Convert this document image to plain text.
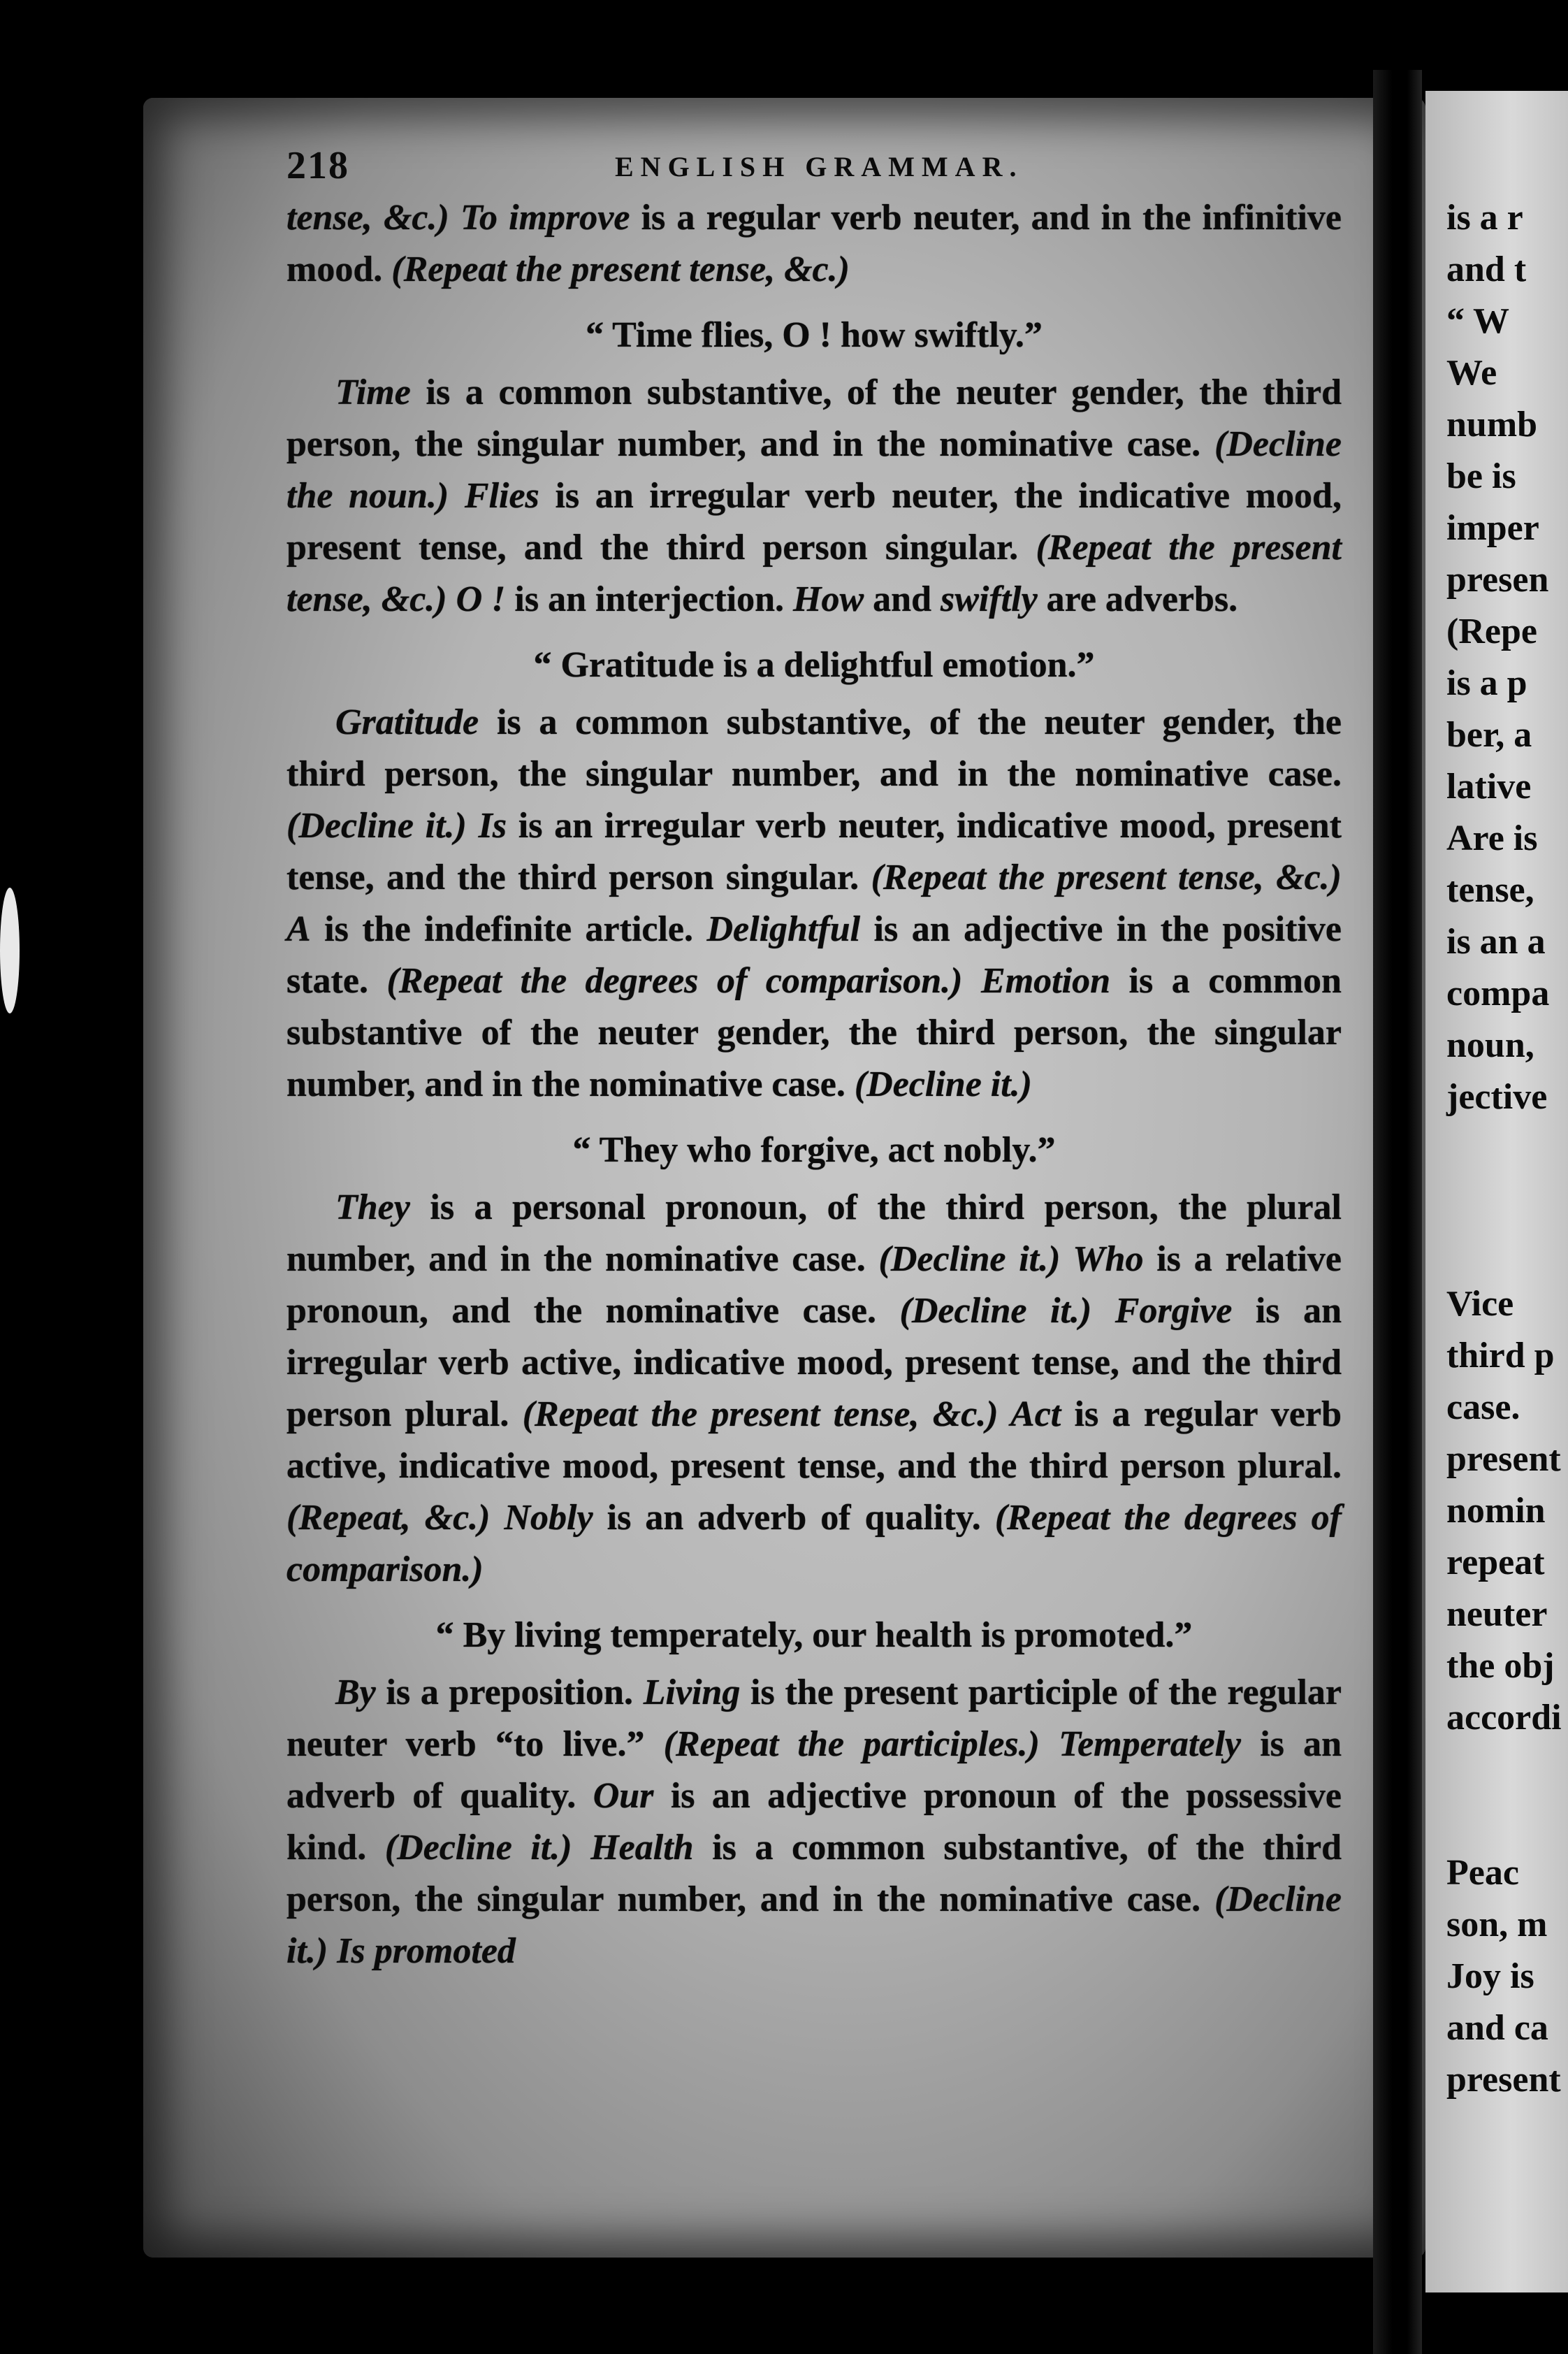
218	ENGLISH GRAMMAR.

tense, &c.) To improve is a regular verb neuter, and in the infinitive mood. (Repeat the present tense, &c.)

“ Time flies, O ! how swiftly.”

Time is a common substantive, of the neuter gender, the third person, the singular number, and in the nominative case. (Decline the noun.) Flies is an irregular verb neuter, the indicative mood, present tense, and the third person singular. (Repeat the present tense, &c.) O ! is an interjection. How and swiftly are adverbs.

“ Gratitude is a delightful emotion.”

Gratitude is a common substantive, of the neuter gender, the third person, the singular number, and in the nominative case. (Decline it.) Is is an irregular verb neuter, indicative mood, present tense, and the third person singular. (Repeat the present tense, &c.) A is the indefinite article. Delightful is an adjective in the positive state. (Repeat the degrees of comparison.) Emotion is a common substantive of the neuter gender, the third person, the singular number, and in the nominative case. (Decline it.)

“ They who forgive, act nobly.”

They is a personal pronoun, of the third person, the plural number, and in the nominative case. (Decline it.) Who is a relative pronoun, and the nominative case. (Decline it.) Forgive is an irregular verb active, indicative mood, present tense, and the third person plural. (Repeat the present tense, &c.) Act is a regular verb active, indicative mood, present tense, and the third person plural. (Repeat, &c.) Nobly is an adverb of quality. (Repeat the degrees of comparison.)

“ By living temperately, our health is promoted.”

By is a preposition. Living is the present participle of the regular neuter verb “to live.” (Repeat the participles.) Temperately is an adverb of quality. Our is an adjective pronoun of the possessive kind. (Decline it.) Health is a common substantive, of the third person, the singular number, and in the nominative case. (Decline it.) Is promoted

is a r
and t
“ W
We
numb
be is
imper
presen
(Repe
is a p
ber, a
lative
Are is
tense,
is an a
compa
noun,
jective
Vice
third p
case.
present
nomin
repeat
neuter
the obj
accordi
Peac
son, m
Joy is
and ca
present
